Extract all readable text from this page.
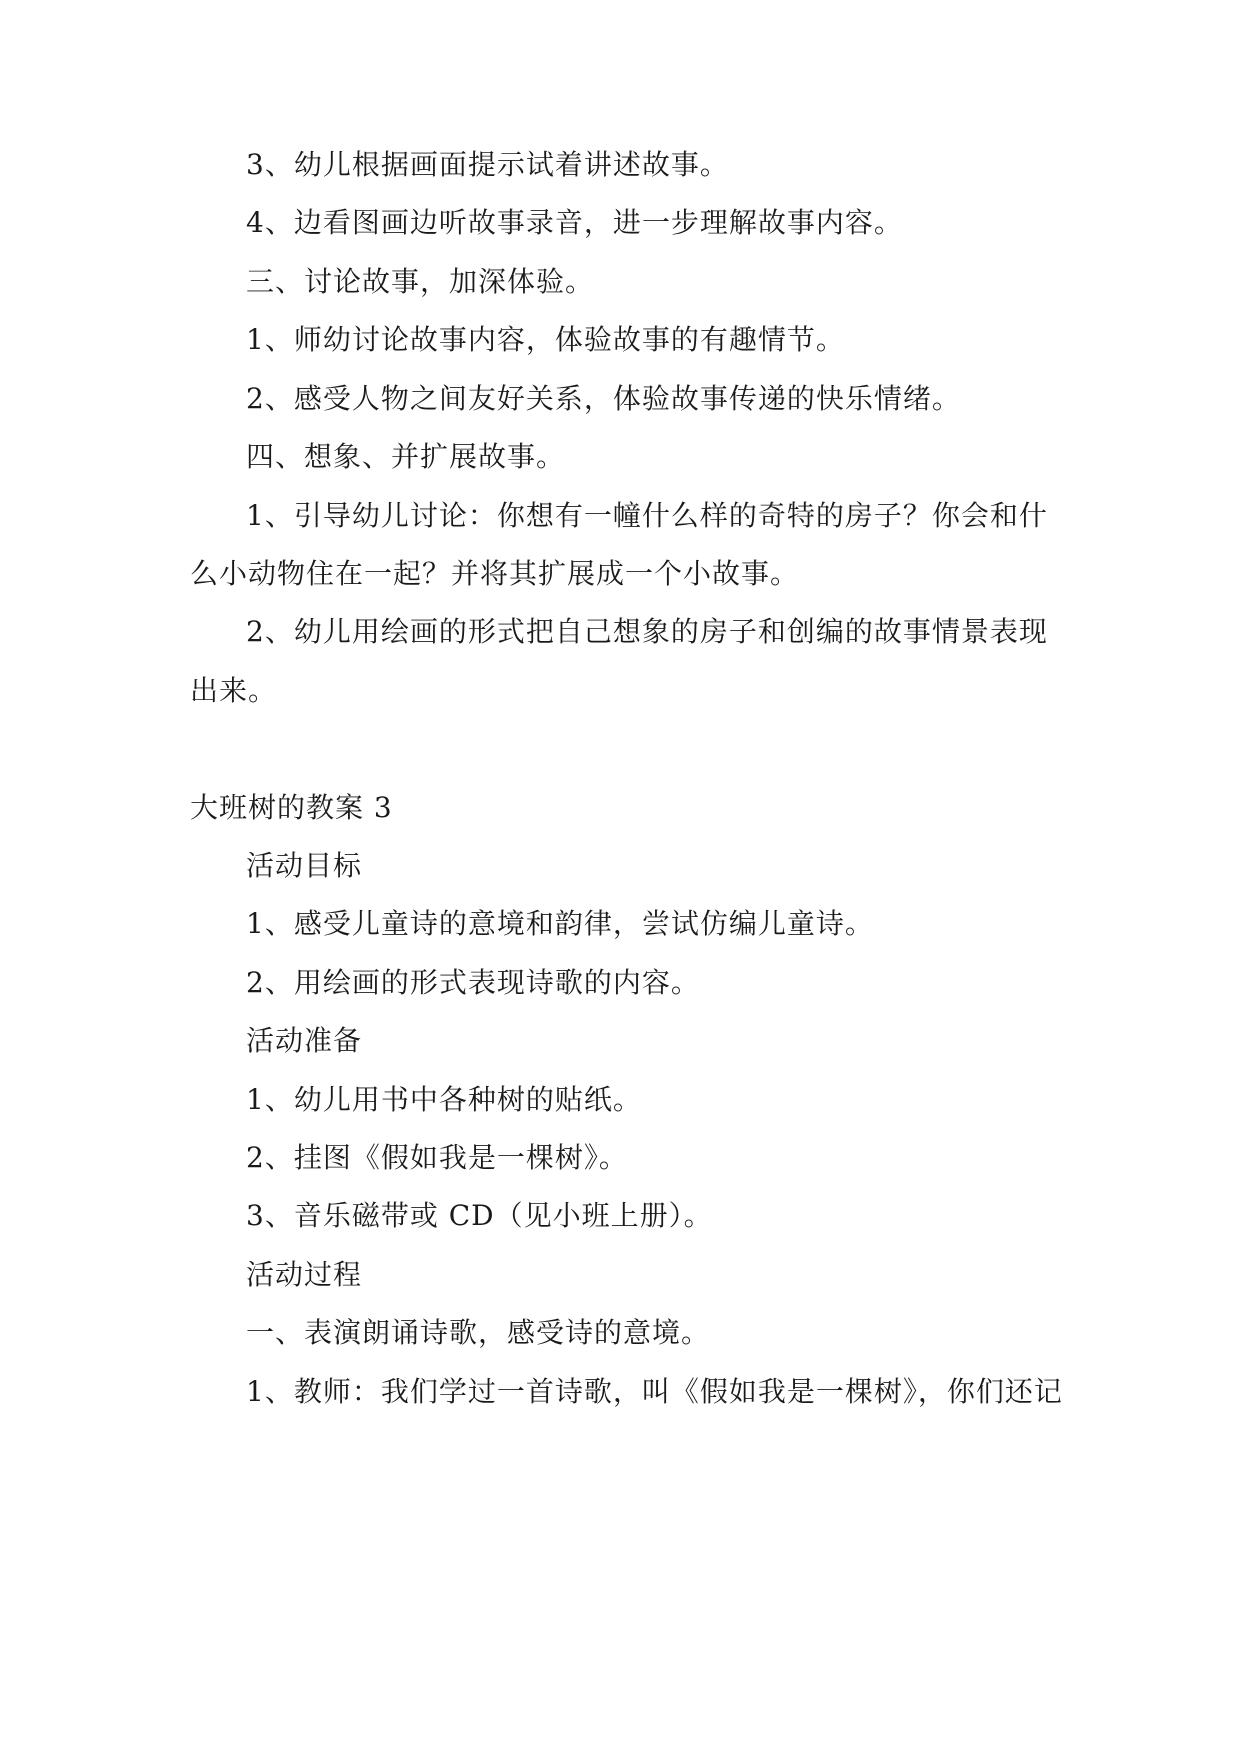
3、幼儿根据画面提示试着讲述故事。
4、边看图画边听故事录音，进一步理解故事内容。
三、讨论故事，加深体验。
1、师幼讨论故事内容，体验故事的有趣情节。
2、感受人物之间友好关系，体验故事传递的快乐情绪。
四、想象、并扩展故事。
1、引导幼儿讨论：你想有一幢什么样的奇特的房子？你会和什
么小动物住在一起？并将其扩展成一个小故事。
2、幼儿用绘画的形式把自己想象的房子和创编的故事情景表现
出来。
大班树的教案 3
活动目标
1、感受儿童诗的意境和韵律，尝试仿编儿童诗。
2、用绘画的形式表现诗歌的内容。
活动准备
1、幼儿用书中各种树的贴纸。
2、挂图《假如我是一棵树》。
3、音乐磁带或 CD（见小班上册）。
活动过程
一、表演朗诵诗歌，感受诗的意境。
1、教师：我们学过一首诗歌，叫《假如我是一棵树》，你们还记
